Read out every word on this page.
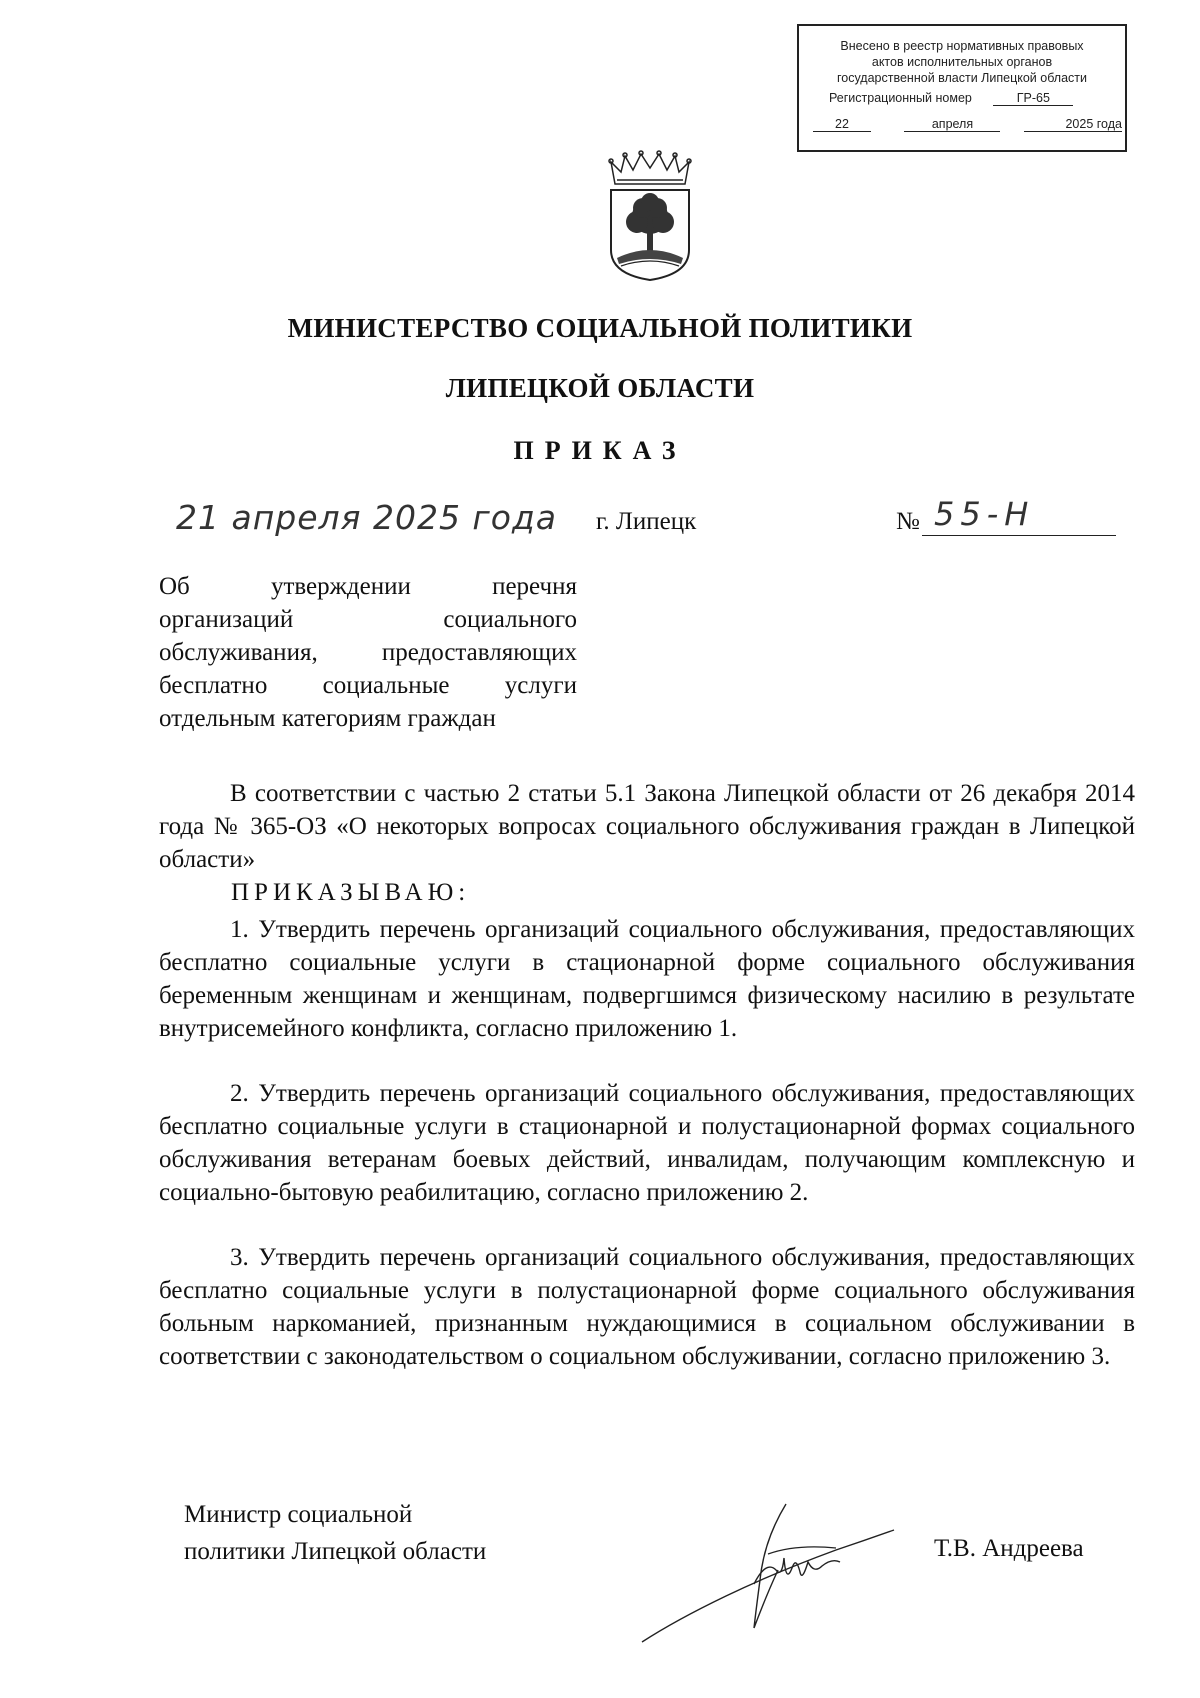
Внесено в реестр нормативных правовых
актов исполнительных органов
государственной власти Липецкой области
Регистрационный номер	ГР-65
22	апреля	2025 года
МИНИСТЕРСТВО СОЦИАЛЬНОЙ ПОЛИТИКИ
ЛИПЕЦКОЙ ОБЛАСТИ
ПРИКАЗ
21 апреля 2025 года г. Липецк	№ 55-Н
Об утверждении перечня
организаций социального
обслуживания, предоставляющих
бесплатно социальные услуги
отдельным категориям граждан

В соответствии с частью 2 статьи 5.1 Закона Липецкой области от 26 декабря 2014 года № 365-ОЗ «О некоторых вопросах социального обслуживания граждан в Липецкой области»

ПРИКАЗЫВАЮ:

1. Утвердить перечень организаций социального обслуживания, предоставляющих бесплатно социальные услуги в стационарной форме социального обслуживания беременным женщинам и женщинам, подвергшимся физическому насилию в результате внутрисемейного конфликта, согласно приложению 1.

2. Утвердить перечень организаций социального обслуживания, предоставляющих бесплатно социальные услуги в стационарной и полустационарной формах социального обслуживания ветеранам боевых действий, инвалидам, получающим комплексную и социально-бытовую реабилитацию, согласно приложению 2.

3. Утвердить перечень организаций социального обслуживания, предоставляющих бесплатно социальные услуги в полустационарной форме социального обслуживания больным наркоманией, признанным нуждающимися в социальном обслуживании в соответствии с законодательством о социальном обслуживании, согласно приложению 3.

Министр социальной
политики Липецкой области	Т.В. Андреева
